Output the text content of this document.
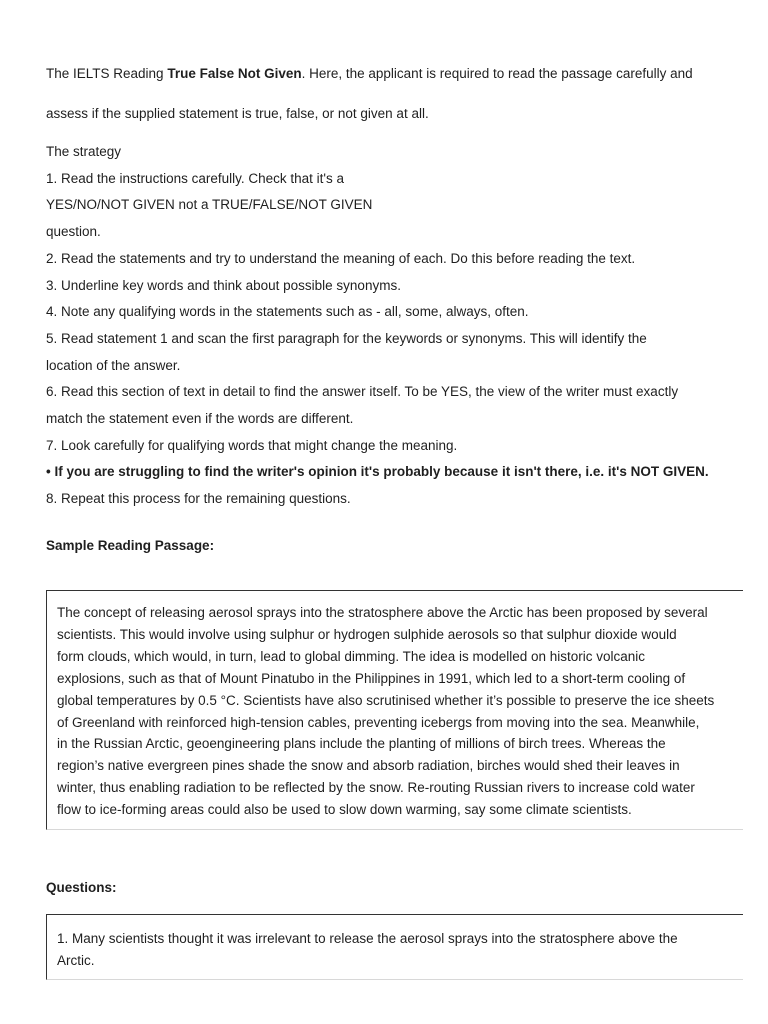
The IELTS Reading True False Not Given. Here, the applicant is required to read the passage carefully and
assess if the supplied statement is true, false, or not given at all.
The strategy
1. Read the instructions carefully. Check that it's a
YES/NO/NOT GIVEN not a TRUE/FALSE/NOT GIVEN
question.
2. Read the statements and try to understand the meaning of each. Do this before reading the text.
3. Underline key words and think about possible synonyms.
4. Note any qualifying words in the statements such as - all, some, always, often.
5. Read statement 1 and scan the first paragraph for the keywords or synonyms. This will identify the
location of the answer.
6. Read this section of text in detail to find the answer itself. To be YES, the view of the writer must exactly
match the statement even if the words are different.
7. Look carefully for qualifying words that might change the meaning.
• If you are struggling to find the writer's opinion it's probably because it isn't there, i.e. it's NOT GIVEN.
8. Repeat this process for the remaining questions.
Sample Reading Passage:

The concept of releasing aerosol sprays into the stratosphere above the Arctic has been proposed by several

scientists. This would involve using sulphur or hydrogen sulphide aerosols so that sulphur dioxide would

form clouds, which would, in turn, lead to global dimming. The idea is modelled on historic volcanic

explosions, such as that of Mount Pinatubo in the Philippines in 1991, which led to a short-term cooling of

global temperatures by 0.5 °C. Scientists have also scrutinised whether it’s possible to preserve the ice sheets

of Greenland with reinforced high-tension cables, preventing icebergs from moving into the sea. Meanwhile,

in the Russian Arctic, geoengineering plans include the planting of millions of birch trees. Whereas the

region’s native evergreen pines shade the snow and absorb radiation, birches would shed their leaves in

winter, thus enabling radiation to be reflected by the snow. Re-routing Russian rivers to increase cold water

flow to ice-forming areas could also be used to slow down warming, say some climate scientists.

Questions:

1. Many scientists thought it was irrelevant to release the aerosol sprays into the stratosphere above the

Arctic.
